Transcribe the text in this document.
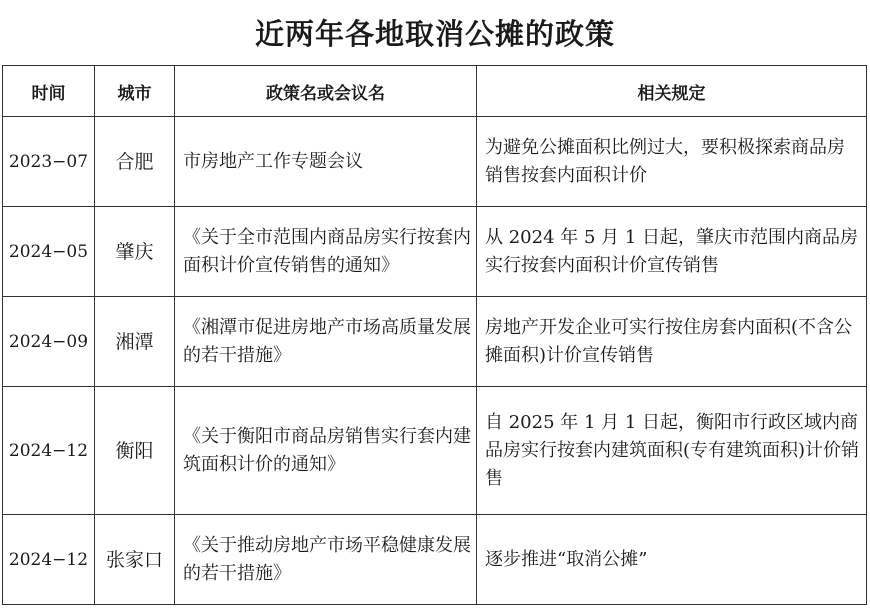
近两年各地取消公摊的政策
时间	城市	政策名或会议名	相关规定
2023−07	合肥	市房地产工作专题会议	为避免公摊面积比例过大，要积极探索商品房销售按套内面积计价
2024−05	肇庆	《关于全市范围内商品房实行按套内面积计价宣传销售的通知》	从 2024 年 5 月 1 日起，肇庆市范围内商品房实行按套内面积计价宣传销售
2024−09	湘潭	《湘潭市促进房地产市场高质量发展的若干措施》	房地产开发企业可实行按住房套内面积(不含公摊面积)计价宣传销售
2024−12	衡阳	《关于衡阳市商品房销售实行套内建筑面积计价的通知》	自 2025 年 1 月 1 日起，衡阳市行政区域内商品房实行按套内建筑面积(专有建筑面积)计价销售
2024−12	张家口	《关于推动房地产市场平稳健康发展的若干措施》	逐步推进“取消公摊”
